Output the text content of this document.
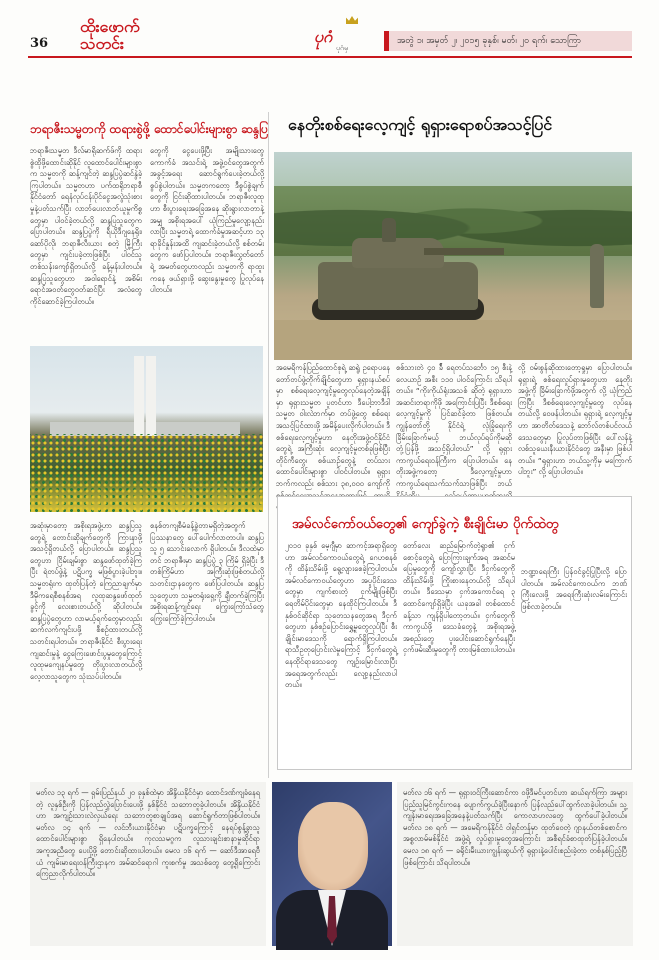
36
ထိုးဖောက်
သတင်း	ပုဂံ
ပုဂံမှ
အတွဲ ၁၊ အမှတ် ၂၊ ၂၀၁၅ ခုနှစ်၊ မတ်၊ ၂၀ ရက်၊ သောကြာ
ဘရာဇီးသမ္မတကို ထရားစွဲဖို့ ထောင်ပေါင်းများစွာ ဆန္ဒပြ	နေတိုးစစ်ရေးလေ့ကျင့် ရုရှားရောစပ်အသင့်ပြင်
ဘရာဇီးသမ္မတ ဒီလ်မာရိုဆက်ဖ်ကို ထရားစွဲထိုဖို့ထောင်းဆိုနိုင် လူထောင်ပေါင်းများစွာက သမ္မတကို ဆန့်ကျင်တဲ့ ဆန္ဒပြပွဲဆင်နွဲခဲ့ကြပါတယ်။ သမ္မတဟာ ပက်ထရိုဘရာစီနိုင်ငံတော် ရေနံလုပ်ငန်းပိုင်ငွေအလွဲသုံးစားမှုနဲ့ပတ်သက်ပြီး လာဘ်ပေးလာဘ်ယူမှုကိစ္စတွေမှာ ပါဝင်ခဲ့တယ်လို့ ဆန္ဒပြသူတွေက ပြောပါတယ်။ ဆန္ဒပြပွဲကို ရီယိုဒီဂျနေရိုး၊ ဆော်ပိုလို၊ ဘရာဇီလီးယား စတဲ့ မြို့ကြီးတွေမှာ ကျင်းပခဲ့တာဖြစ်ပြီး ပါဝင်သူ တစ်သန်းကျော်ရှိတယ်လို့ ခန့်မှန်းပါတယ်။ ဆန္ဒပြသူတွေဟာ အဝါရောင်နဲ့ အစိမ်းရောင်အဝတ်တွေဝတ်ဆင်ပြီး အလံတွေကိုင်ဆောင်ခဲ့ကြပါတယ်။
တွေကို ငွေပေးဖို့ပြီး အမျိုးသားတွေကောက်ခံ အသင်းရဲ့ အဖွဲ့ဝင်တွေအတွက် အခွင့်အရေး ဆောင်ရွက်ပေးခဲ့တယ်လို့ စွပ်စွဲပါတယ်။ သမ္မတကတော့ ဒီစွပ်စွဲချက်တွေကို ငြင်းဆိုထားပါတယ်။ ဘရာဇီးလူထုဟာ စီးပွားရေးအခြေအနေ ဆိုးရွားလာတာနဲ့အမျှ အစိုးရအပေါ် ယုံကြည်မှုလျော့နည်းလာပြီး သမ္မတရဲ့ ထောက်ခံမှုအဆင့်ဟာ ၁၃ ရာခိုင်နှုန်းအထိ ကျဆင်းခဲ့တယ်လို့ စစ်တမ်းတွေက ဖော်ပြပါတယ်။ ဘရာဇီးလွှတ်တော်ရဲ့ အမတ်တွေဟာလည်း သမ္မတကို ရာထူးကနေ ဖယ်ရှားဖို့ ဆွေးနွေးမှုတွေ ပြုလုပ်နေပါတယ်။
အဆုံးမှာတော့ အစိုးရအဖွဲ့ဟာ ဆန္ဒပြသူတွေရဲ့ တောင်းဆိုချက်တွေကို ကြားနာဖို့ အသင့်ရှိတယ်လို့ ပြောပါတယ်။ ဆန္ဒပြသူတွေဟာ ငြိမ်းချမ်းစွာ ဆန္ဒဖော်ထုတ်ခဲ့ကြပြီး ရဲတပ်ဖွဲ့နဲ့ ပဋိပက္ခ မဖြစ်ပွားခဲ့ပါဘူး။ သမ္မတရုံးက ထုတ်ပြန်တဲ့ ကြေညာချက်မှာ ဒီမိုကရေစီစနစ်အရ လူထုဆန္ဒဖော်ထုတ်ခွင့်ကို လေးစားတယ်လို့ ဆိုပါတယ်။ ဆန္ဒပြပွဲတွေဟာ လာမယ့်ရက်တွေမှာလည်း ဆက်လက်ကျင်းပဖို့ စီစဉ်ထားတယ်လို့ သတင်းရပါတယ်။ ဘရာဇီးနိုင်ငံ စီးပွားရေးကျဆင်းမှုနဲ့ ငွေကြေးဖောင်းပွမှုတွေကြောင့် လူထုမကျေနပ်မှုတွေ တိုးပွားလာတယ်လို့ လေ့လာသူတွေက သုံးသပ်ပါတယ်။
စနစ်တကျစီမံခန့်ခွဲတာမရှိတဲ့အတွက် ပြဿနာတွေ ပေါ်ပေါက်လာတာပါ။ ဆန္ဒပြသူ ၅ သောင်းလောက် ရှိပါတယ်။ ဒီလထဲမှာတင် ဘရာဇီးမှာ ဆန္ဒပြပွဲ ၃ ကြိမ် ရှိခဲ့ပြီး ဒီတစ်ကြိမ်ဟာ အကြီးဆုံးဖြစ်တယ်လို့ သတင်းဌာနတွေက ဖော်ပြပါတယ်။ ဆန္ဒပြသူတွေဟာ သမ္မတရုံးရှေ့ကို ချီတက်ခဲ့ကြပြီး အစိုးရဆန့်ကျင်ရေး ကြွေးကြော်သံတွေ ကြွေးကြော်ခဲ့ကြပါတယ်။
အမေရိကန်ပြည်ထောင်စုရဲ့ ဆရွဲ ဥရောပနေတော်တပ်ဖွဲ့တိုက်ချိုင်တွေဟာ ရုရှားနယ်စပ်မှာ စစ်ရေးလေ့ကျင့်မှုတွေလုပ်နေတဲ့အချိန်မှာ ရုရှားသမ္မတ ပူတင်ဟာ ဒီပေါ့ဘာဒီဒါ သမ္မတ ဝါးလဲဘက်မှာ တပ်ဖွဲ့တွေ စစ်ရေးအသင့်ပြင်ထားဖို့ အမိန့်ပေးလိုက်ပါတယ်။ ဒီစစ်ရေးလေ့ကျင့်မှုဟာ နေတိုးအဖွဲ့ဝင်နိုင်ငံတွေရဲ့ အကြီးဆုံး လေ့ကျင့်မှုတစ်ခုဖြစ်ပြီး တိုင်ကီတွေ၊ စစ်ယာဉ်တွေနဲ့ တပ်သားထောင်ပေါင်းများစွာ ပါဝင်ပါတယ်။ ရုရှားဘက်ကလည်း စစ်သား ၃၈,၀၀၀ ကျော်ကို
စစ်သားတဲ ၄၀ ခ်ီ ရေတပ်သင်္ဘော ၁၅ စီးနဲ့ လေယာဉ် အစီး ၁၁၀ ပါဝင်ကြောင်း သိရပါတယ်။ “ကိုးကိုယ်ရုံးအသစ် ဆိုတဲ့ ရုရှားဟာ အဆင်းတရာကိုဖို အကြောင်းပြပြီး ဒီစစ်ရေးလေ့ကျင့်မှုကို ပြင်ဆင်ခဲ့တာ ဖြစ်တယ်။ ကျွန်တော်တို့ နိုင်ငံရဲ့ လုံခြုံရေးကို ခြိမ်းခြောက်မယ့် ဘယ်လုပ်ရပ်ကိုမဆို တုံ့ပြန်ဖို့ အသင့်ရှိပါတယ်” လို့ ရုရှားကာကွယ်ရေးဝန်ကြီးက ပြောပါတယ်။ နေတိုးအဖွဲ့ကတော့ ဒီလေ့ကျင့်မှုဟာ ကာကွယ်ရေးသက်သက်သာဖြစ်ပြီး ဘယ်
လို့ ဝမ်းစွန်ဆိုထားတော့ရှုမှာ ပြောပါတယ်။ ရုရှားရဲ့ စစ်ရေးလှုပ်ရှားမှုတွေဟာ နေတိုးအဖွဲ့ကို ခြိမ်းခြောက်ဖို့အတွက် လို့ ယုံကြည်ကြပြီး ဒီစစ်ရေးလေ့ကျင့်မှုတွေ လုပ်နေတယ်လို့ ဝေဖန်ပါတယ်။ ရုရှားရဲ့ လေ့ကျင့်မှုဟာ အာတိတ်ဒေသနဲ့ ဘော်လ်တစ်ပင်လယ်ဒေသတွေမှာ ပြုလုပ်တာဖြစ်ပြီး ပေါ်လန်နဲ့ လစ်သူယေးနီးယားနိုင်ငံတွေ အနီးမှာ ဖြစ်ပါတယ်။ “ရုရှားဟာ ဘယ်သူ့ကိုမှ မကြောက်ပါဘူး” လို့ ပြောပါတယ်။
အမ်လင်ကော်ဝယ်တွေ၏ ကျော်ခွဲကဲ့ စီးချိုင်းမာ ပိုက်ထဲတွ
၂၀၁၀ ခုနှစ် မေ့ဂျီမှာ ဆာကင့်အရာရှိတွေဟာ အမ်လင်ကောဝယ်တွေရဲ့ ဂေဟစနစ်ကို ထိန်းသိမ်းဖို့ ရွေ့လျားစေခဲ့ကြပါတယ်။ အမ်လင်ကောဝယ်တွေဟာ အပူပိုင်းဒေသတွေမှာ ကျက်စားတဲ့ ငှက်မျိုးဖြစ်ပြီး ရေတိမ်ပိုင်းတွေမှာ နေထိုင်ကြပါတယ်။ ဒီနှစ်ဝင်ဆိုင်ရာ သုတေသနတွေအရ ဒီငှက်တွေဟာ နှစ်စဉ်ပြောင်းရွှေ့မှုတွေလုပ်ပြီး စီးချိုင်းမာဒေသကို ရောက်ရှိကြပါတယ်။ ရာသီဥတုပြောင်းလဲမှုကြောင့် ဒီငှက်တွေရဲ့ နေထိုင်ရာဒေသတွေ ကျဉ်းမြောင်းလာပြီး အရေအတွက်လည်း လျော့နည်းလာပါတယ်။
တော်လေး ဆည်မြောက်တဲ့ရွာ၏ ငှက်စောင့်တွေရဲ့ ပြောကြားချက်အရ အဆင်မပြေမှုတွေကို ကျော်လွှားပြီး ဒီငှက်တွေကို ထိန်းသိမ်းဖို့ ကြိုးစားနေတယ်လို့ သိရပါတယ်။ ဒီဒေသမှာ ငှက်အကောင်ရေ ၃ ထောင်ကျော်ရှိခဲ့ပြီး ယခုအခါ တစ်ထောင်ခန့်သာ ကျန်ရှိပါတော့တယ်။ ငှက်တွေကို ကာကွယ်ဖို့ ဒေသခံတွေနဲ့ အစိုးရအဖွဲ့အစည်းတွေ ပူးပေါင်းဆောင်ရွက်နေပြီး ငှက်ဖမ်းဆီးမှုတွေကို တားမြစ်ထားပါတယ်။
ဘဏ္ဍာရေးကြီး ပြန်ဝင်ခွင့်ပြုပြီးလို့ ပြောပါတယ်။ အမ်လင်ကောဝယ်က ဘဏ်ကြီးလေးဖို့ အရေးကြီးဆုံးလမ်းကြောင်း ဖြစ်လာခဲ့တယ်။
မတ်လ ၁၃ ရက် — ရှမ်းပြည်နယ် ၂၀ ခုနှစ်ထဲမှာ အိန္ဒိယနိုင်ငံမှာ ထောင်ဒဏ်ကျခံနေရတဲ့ လူနှစ်ဦးကို ပြန်လည်လွှဲပြောင်းပေးဖို့ နှစ်နိုင်ငံ သဘောတူခဲ့ပါတယ်။ အိန္ဒိယနိုင်ငံဟာ အကျဉ်းသားလဲလှယ်ရေး သဘောတူစာချုပ်အရ ဆောင်ရွက်တာဖြစ်ပါတယ်။ မတ်လ ၁၄ ရက် — လင်ဘီးယားနိုင်ငံမှာ ပဋိပက္ခကြောင့် နေရပ်စွန့်ခွာသူ ထောင်ပေါင်းများစွာ ရှိနေပါတယ်။ ကုလသမဂ္ဂက လူသားချင်းစာနာမှုဆိုင်ရာ အကူအညီတွေ ပေးပို့ဖို့ တောင်းဆိုထားပါတယ်။ မေလ ၁၆ ရက် — ဆော်ဒီအာရေဗီယံ ကျမ်းမာရေးဝန်ကြီးဌာနက အမ်ဆင်ရောဂါ ကူးစက်မှု အသစ်တွေ တွေ့ရှိကြောင်း ကြေညာလိုက်ပါတယ်။
မတ်လ ၁၆ ရက် — ရုရှားဝင်ကြီးဆောင်ကာ ဝဖို့ဒီမင်ပူတင်ဟာ ဆယ်ရက်ကြာ အများပြည်သူမြင်ကွင်းကနေ ပျောက်ကွယ်ခဲ့ပြီးနောက် ပြန်လည်ပေါ်ထွက်လာခဲ့ပါတယ်။ သူ့ကျန်းမာရေးအခြေအနေနဲ့ပတ်သက်ပြီး ကောလာဟလတွေ ထွက်ပေါ်ခဲ့ပါတယ်။ မတ်လ ၁၈ ရက် — အမေရိကန်နိုင်ငံ ဝါရှင်တန်မှာ ထုတ်ဝေတဲ့ ဂျာနယ်တစ်စောင်က အစ္စလာမ်မစ်နိုင်ငံ အဖွဲ့ရဲ့ လှုပ်ရှားမှုတွေအကြောင်း အစီရင်ခံစာထုတ်ပြန်ခဲ့ပါတယ်။ မေလ ၁၈ ရက် — ခရိုင်းမီးယားကျွန်းဆွယ်ကို ရုရှားနဲ့ပေါင်းစည်းခဲ့တာ တစ်နှစ်ပြည့်ပြီဖြစ်ကြောင်း သိရပါတယ်။
